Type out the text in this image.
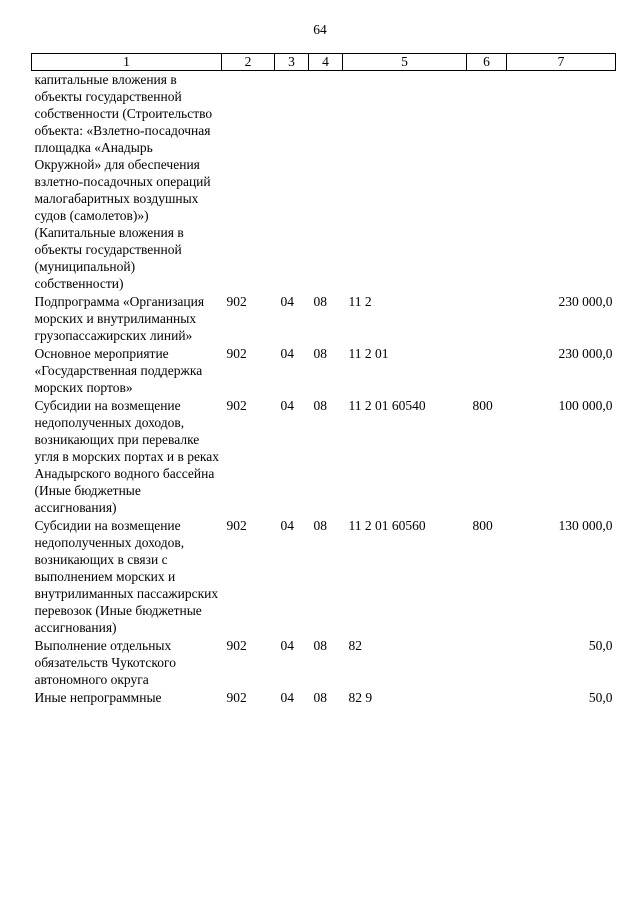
64
1	2	3	4	5	6	7
капитальные вложения в объекты государственной собственности (Строительство объекта: «Взлетно-посадочная площадка «Анадырь Окружной» для обеспечения взлетно-посадочных операций малогабаритных воздушных судов (самолетов)») (Капитальные вложения в объекты государственной (муниципальной) собственности)						
Подпрограмма «Организация морских и внутрилиманных грузопассажирских линий»	902	04	08	11 2		230 000,0
Основное мероприятие «Государственная поддержка морских портов»	902	04	08	11 2 01		230 000,0
Субсидии на возмещение недополученных доходов, возникающих при перевалке угля в морских портах и в реках Анадырского водного бассейна (Иные бюджетные ассигнования)	902	04	08	11 2 01 60540	800	100 000,0
Субсидии на возмещение недополученных доходов, возникающих в связи с выполнением морских и внутрилиманных пассажирских перевозок (Иные бюджетные ассигнования)	902	04	08	11 2 01 60560	800	130 000,0
Выполнение отдельных обязательств Чукотского автономного округа	902	04	08	82		50,0
Иные непрограммные	902	04	08	82 9		50,0
